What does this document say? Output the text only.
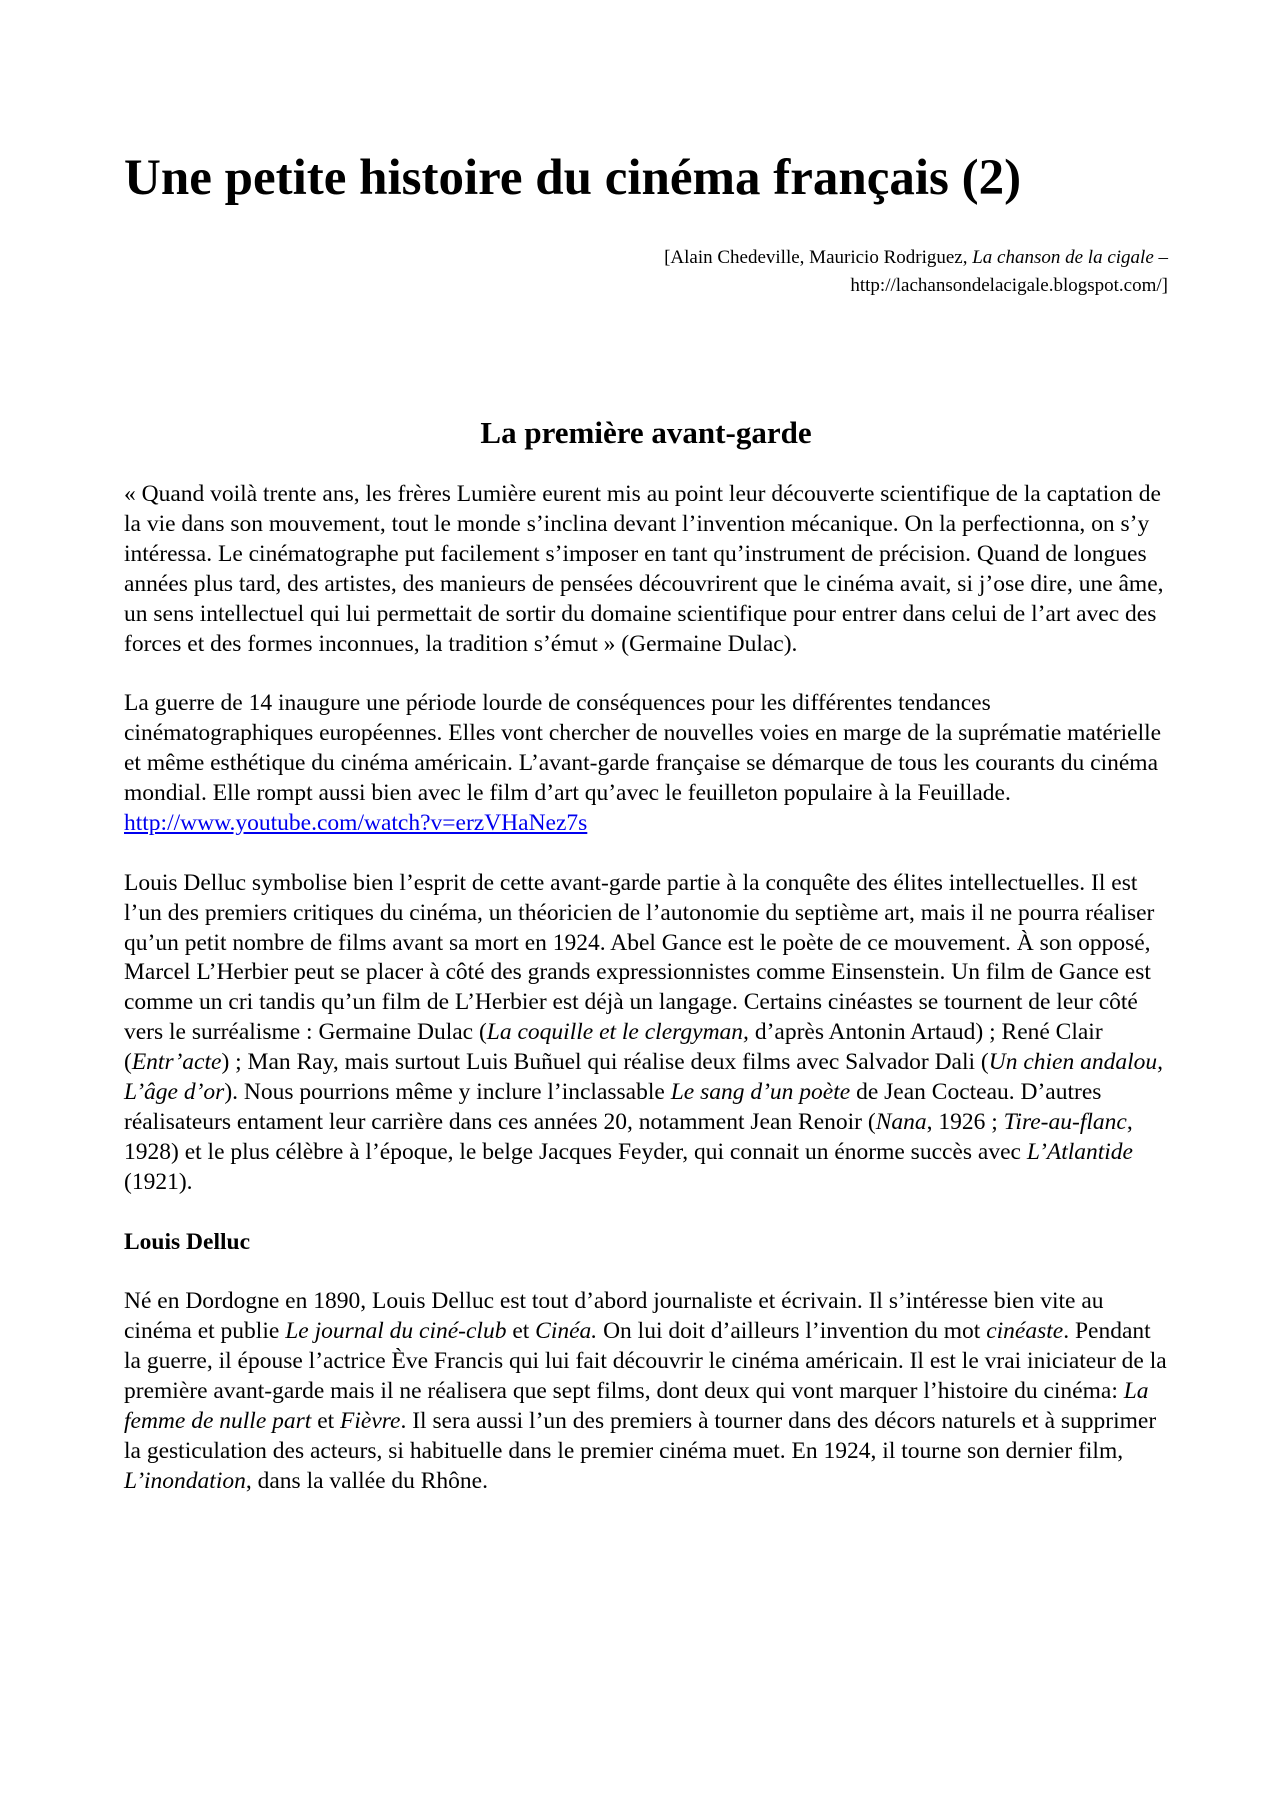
Une petite histoire du cinéma français (2)
[Alain Chedeville, Mauricio Rodriguez, La chanson de la cigale – http://lachansondelacigale.blogspot.com/]
La première avant-garde

« Quand voilà trente ans, les frères Lumière eurent mis au point leur découverte scientifique de la captation de la vie dans son mouvement, tout le monde s’inclina devant l’invention mécanique. On la perfectionna, on s’y intéressa. Le cinématographe put facilement s’imposer en tant qu’instrument de précision. Quand de longues années plus tard, des artistes, des manieurs de pensées découvrirent que le cinéma avait, si j’ose dire, une âme, un sens intellectuel qui lui permettait de sortir du domaine scientifique pour entrer dans celui de l’art avec des forces et des formes inconnues, la tradition s’émut » (Germaine Dulac).

La guerre de 14 inaugure une période lourde de conséquences pour les différentes tendances cinématographiques européennes. Elles vont chercher de nouvelles voies en marge de la suprématie matérielle et même esthétique du cinéma américain. L’avant-garde française se démarque de tous les courants du cinéma mondial. Elle rompt aussi bien avec le film d’art qu’avec le feuilleton populaire à la Feuillade.

http://www.youtube.com/watch?v=erzVHaNez7s

Louis Delluc symbolise bien l’esprit de cette avant-garde partie à la conquête des élites intellectuelles. Il est l’un des premiers critiques du cinéma, un théoricien de l’autonomie du septième art, mais il ne pourra réaliser qu’un petit nombre de films avant sa mort en 1924. Abel Gance est le poète de ce mouvement. À son opposé, Marcel L’Herbier peut se placer à côté des grands expressionnistes comme Einsenstein. Un film de Gance est comme un cri tandis qu’un film de L’Herbier est déjà un langage. Certains cinéastes se tournent de leur côté vers le surréalisme : Germaine Dulac (La coquille et le clergyman, d’après Antonin Artaud) ; René Clair (Entr’acte) ; Man Ray, mais surtout Luis Buñuel qui réalise deux films avec Salvador Dali (Un chien andalou, L’âge d’or). Nous pourrions même y inclure l’inclassable Le sang d’un poète de Jean Cocteau. D’autres réalisateurs entament leur carrière dans ces années 20, notamment Jean Renoir (Nana, 1926 ; Tire-au-flanc, 1928) et le plus célèbre à l’époque, le belge Jacques Feyder, qui connait un énorme succès avec L’Atlantide (1921).

Louis Delluc

Né en Dordogne en 1890, Louis Delluc est tout d’abord journaliste et écrivain. Il s’intéresse bien vite au cinéma et publie Le journal du ciné-club et Cinéa. On lui doit d’ailleurs l’invention du mot cinéaste. Pendant la guerre, il épouse l’actrice Ève Francis qui lui fait découvrir le cinéma américain. Il est le vrai iniciateur de la première avant-garde mais il ne réalisera que sept films, dont deux qui vont marquer l’histoire du cinéma: La femme de nulle part et Fièvre. Il sera aussi l’un des premiers à tourner dans des décors naturels et à supprimer la gesticulation des acteurs, si habituelle dans le premier cinéma muet. En 1924, il tourne son dernier film, L’inondation, dans la vallée du Rhône.
